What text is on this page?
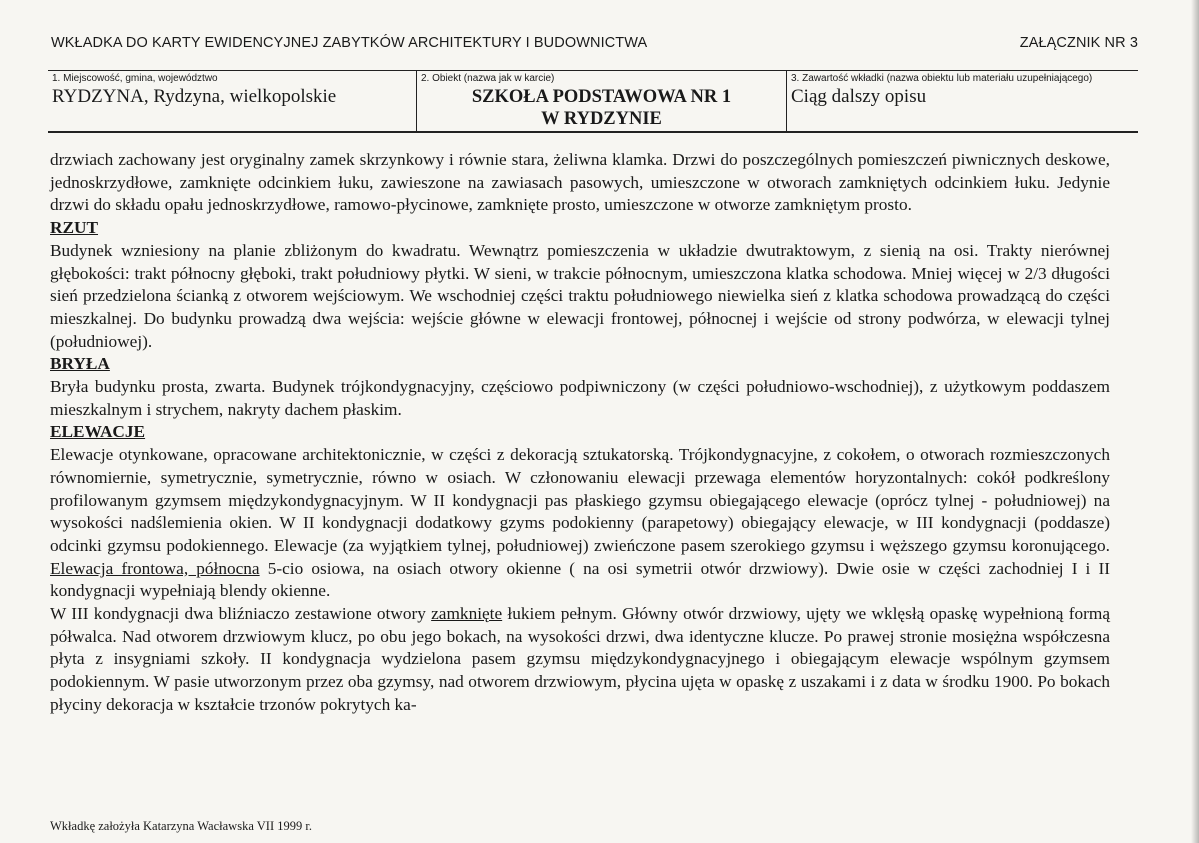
WKŁADKA DO KARTY EWIDENCYJNEJ ZABYTKÓW ARCHITEKTURY I BUDOWNICTWA	ZAŁĄCZNIK NR 3
1. Miejscowość, gmina, województwo
RYDZYNA, Rydzyna, wielkopolskie
2. Obiekt (nazwa jak w karcie)
SZKOŁA PODSTAWOWA NR 1
W RYDZYNIE
3. Zawartość wkładki (nazwa obiektu lub materiału uzupełniającego)
Ciąg dalszy opisu

drzwiach zachowany jest oryginalny zamek skrzynkowy i równie stara, żeliwna klamka. Drzwi do poszczególnych pomieszczeń piwnicznych deskowe, jednoskrzydłowe, zamknięte odcinkiem łuku, zawieszone na zawiasach pasowych, umieszczone w otworach zamkniętych odcinkiem łuku. Jedynie drzwi do składu opału jednoskrzydłowe, ramowo-płycinowe, zamknięte prosto, umieszczone w otworze zamkniętym prosto.

RZUT

Budynek wzniesiony na planie zbliżonym do kwadratu. Wewnątrz pomieszczenia w układzie dwutraktowym, z sienią na osi. Trakty nierównej głębokości: trakt północny głęboki, trakt południowy płytki. W sieni, w trakcie północnym, umieszczona klatka schodowa. Mniej więcej w 2/3 długości sień przedzielona ścianką z otworem wejściowym. We wschodniej części traktu południowego niewielka sień z klatka schodowa prowadzącą do części mieszkalnej. Do budynku prowadzą dwa wejścia: wejście główne w elewacji frontowej, północnej i wejście od strony podwórza, w elewacji tylnej (południowej).

BRYŁA

Bryła budynku prosta, zwarta. Budynek trójkondygnacyjny, częściowo podpiwniczony (w części południowo-wschodniej), z użytkowym poddaszem mieszkalnym i strychem, nakryty dachem płaskim.

ELEWACJE

Elewacje otynkowane, opracowane architektonicznie, w części z dekoracją sztukatorską. Trójkondygnacyjne, z cokołem, o otworach rozmieszczonych równomiernie, symetrycznie, symetrycznie, równo w osiach. W członowaniu elewacji przewaga elementów horyzontalnych: cokół podkreślony profilowanym gzymsem międzykondygnacyjnym. W II kondygnacji pas płaskiego gzymsu obiegającego elewacje (oprócz tylnej - południowej) na wysokości nadślemienia okien. W II kondygnacji dodatkowy gzyms podokienny (parapetowy) obiegający elewacje, w III kondygnacji (poddasze) odcinki gzymsu podokiennego. Elewacje (za wyjątkiem tylnej, południowej) zwieńczone pasem szerokiego gzymsu i węższego gzymsu koronującego. Elewacja frontowa, północna 5-cio osiowa, na osiach otwory okienne ( na osi symetrii otwór drzwiowy). Dwie osie w części zachodniej I i II kondygnacji wypełniają blendy okienne.

W III kondygnacji dwa bliźniaczo zestawione otwory zamknięte łukiem pełnym. Główny otwór drzwiowy, ujęty we wklęsłą opaskę wypełnioną formą półwalca. Nad otworem drzwiowym klucz, po obu jego bokach, na wysokości drzwi, dwa identyczne klucze. Po prawej stronie mosiężna współczesna płyta z insygniami szkoły. II kondygnacja wydzielona pasem gzymsu międzykondygnacyjnego i obiegającym elewacje wspólnym gzymsem podokiennym. W pasie utworzonym przez oba gzymsy, nad otworem drzwiowym, płycina ujęta w opaskę z uszakami i z data w środku 1900. Po bokach płyciny dekoracja w kształcie trzonów pokrytych ka-

Wkładkę założyła Katarzyna Wacławska VII 1999 r.
